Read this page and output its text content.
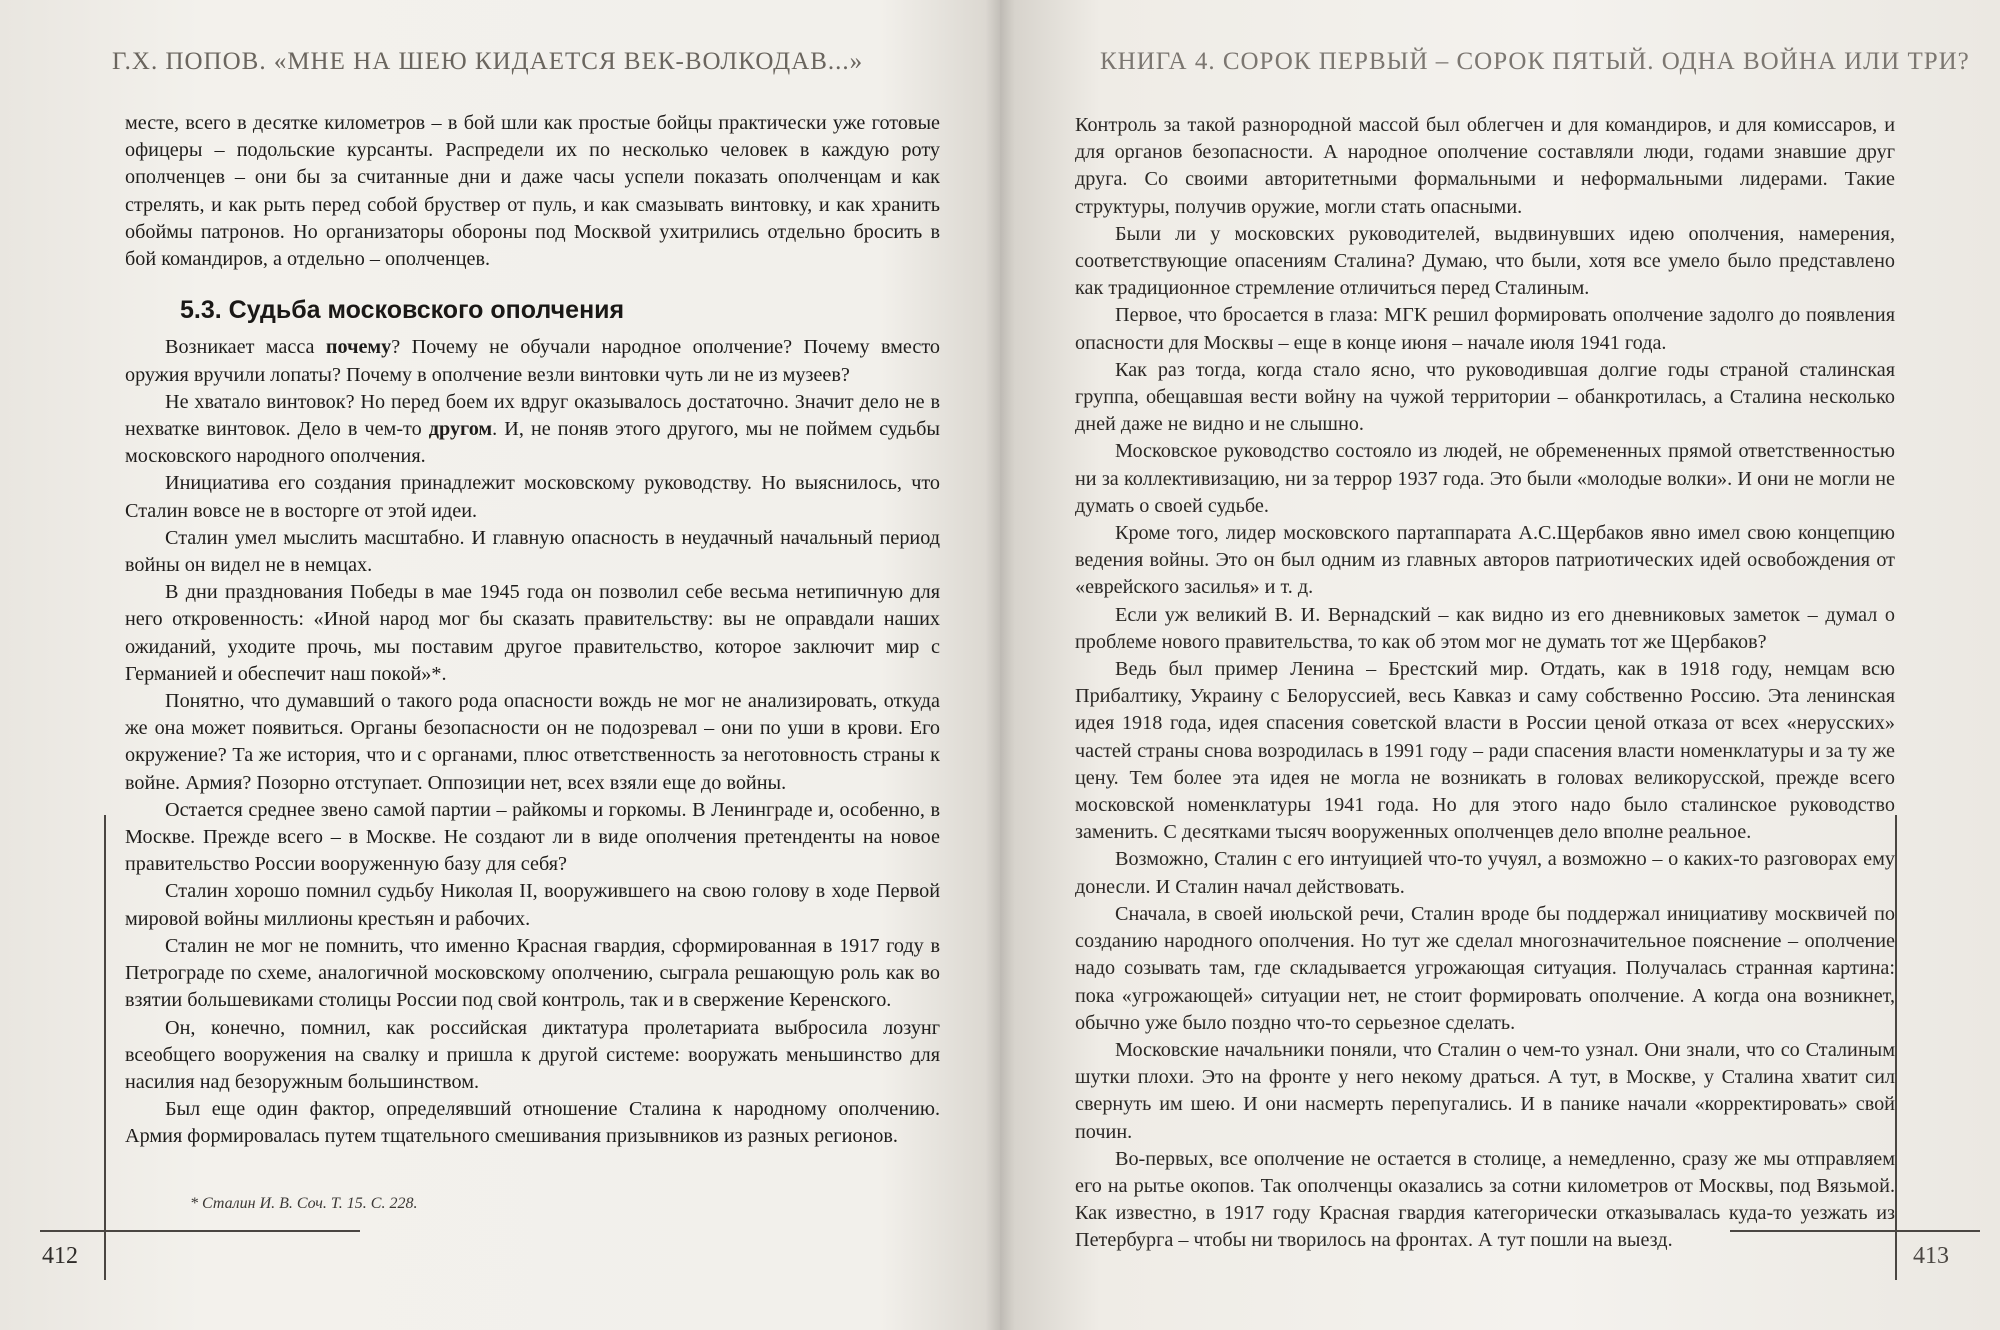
Г.Х. ПОПОВ. «МНЕ НА ШЕЮ КИДАЕТСЯ ВЕК-ВОЛКОДАВ...»

месте, всего в десятке километров – в бой шли как простые бойцы практически уже готовые офицеры – подольские курсанты. Распредели их по несколько человек в каждую роту ополченцев – они бы за считанные дни и даже часы успели показать ополченцам и как стрелять, и как рыть перед собой бруствер от пуль, и как смазывать винтовку, и как хранить обоймы патронов. Но организаторы обороны под Москвой ухитрились отдельно бросить в бой командиров, а отдельно – ополченцев.

5.3. Судьба московского ополчения

Возникает масса почему? Почему не обучали народное ополчение? Почему вместо оружия вручили лопаты? Почему в ополчение везли винтовки чуть ли не из музеев?

Не хватало винтовок? Но перед боем их вдруг оказывалось достаточно. Значит дело не в нехватке винтовок. Дело в чем-то другом. И, не поняв этого другого, мы не поймем судьбы московского народного ополчения.

Инициатива его создания принадлежит московскому руководству. Но выяснилось, что Сталин вовсе не в восторге от этой идеи.

Сталин умел мыслить масштабно. И главную опасность в неудачный начальный период войны он видел не в немцах.

В дни празднования Победы в мае 1945 года он позволил себе весьма нетипичную для него откровенность: «Иной народ мог бы сказать правительству: вы не оправдали наших ожиданий, уходите прочь, мы поставим другое правительство, которое заключит мир с Германией и обеспечит наш покой»*.

Понятно, что думавший о такого рода опасности вождь не мог не анализировать, откуда же она может появиться. Органы безопасности он не подозревал – они по уши в крови. Его окружение? Та же история, что и с органами, плюс ответственность за неготовность страны к войне. Армия? Позорно отступает. Оппозиции нет, всех взяли еще до войны.

Остается среднее звено самой партии – райкомы и горкомы. В Ленинграде и, особенно, в Москве. Прежде всего – в Москве. Не создают ли в виде ополчения претенденты на новое правительство России вооруженную базу для себя?

Сталин хорошо помнил судьбу Николая II, вооружившего на свою голову в ходе Первой мировой войны миллионы крестьян и рабочих.

Сталин не мог не помнить, что именно Красная гвардия, сформированная в 1917 году в Петрограде по схеме, аналогичной московскому ополчению, сыграла решающую роль как во взятии большевиками столицы России под свой контроль, так и в свержение Керенского.

Он, конечно, помнил, как российская диктатура пролетариата выбросила лозунг всеобщего вооружения на свалку и пришла к другой системе: вооружать меньшинство для насилия над безоружным большинством.

Был еще один фактор, определявший отношение Сталина к народному ополчению. Армия формировалась путем тщательного смешивания призывников из разных регионов.

* Сталин И. В. Соч. Т. 15. С. 228.
412
КНИГА 4. СОРОК ПЕРВЫЙ – СОРОК ПЯТЫЙ. ОДНА ВОЙНА ИЛИ ТРИ?

Контроль за такой разнородной массой был облегчен и для командиров, и для комиссаров, и для органов безопасности. А народное ополчение составляли люди, годами знавшие друг друга. Со своими авторитетными формальными и неформальными лидерами. Такие структуры, получив оружие, могли стать опасными.

Были ли у московских руководителей, выдвинувших идею ополчения, намерения, соответствующие опасениям Сталина? Думаю, что были, хотя все умело было представлено как традиционное стремление отличиться перед Сталиным.

Первое, что бросается в глаза: МГК решил формировать ополчение задолго до появления опасности для Москвы – еще в конце июня – начале июля 1941 года.

Как раз тогда, когда стало ясно, что руководившая долгие годы страной сталинская группа, обещавшая вести войну на чужой территории – обанкротилась, а Сталина несколько дней даже не видно и не слышно.

Московское руководство состояло из людей, не обремененных прямой ответственностью ни за коллективизацию, ни за террор 1937 года. Это были «молодые волки». И они не могли не думать о своей судьбе.

Кроме того, лидер московского партаппарата А.С.Щербаков явно имел свою концепцию ведения войны. Это он был одним из главных авторов патриотических идей освобождения от «еврейского засилья» и т. д.

Если уж великий В. И. Вернадский – как видно из его дневниковых заметок – думал о проблеме нового правительства, то как об этом мог не думать тот же Щербаков?

Ведь был пример Ленина – Брестский мир. Отдать, как в 1918 году, немцам всю Прибалтику, Украину с Белоруссией, весь Кавказ и саму собственно Россию. Эта ленинская идея 1918 года, идея спасения советской власти в России ценой отказа от всех «нерусских» частей страны снова возродилась в 1991 году – ради спасения власти номенклатуры и за ту же цену. Тем более эта идея не могла не возникать в головах великорусской, прежде всего московской номенклатуры 1941 года. Но для этого надо было сталинское руководство заменить. С десятками тысяч вооруженных ополченцев дело вполне реальное.

Возможно, Сталин с его интуицией что-то учуял, а возможно – о каких-то разговорах ему донесли. И Сталин начал действовать.

Сначала, в своей июльской речи, Сталин вроде бы поддержал инициативу москвичей по созданию народного ополчения. Но тут же сделал многозначительное пояснение – ополчение надо созывать там, где складывается угрожающая ситуация. Получалась странная картина: пока «угрожающей» ситуации нет, не стоит формировать ополчение. А когда она возникнет, обычно уже было поздно что-то серьезное сделать.

Московские начальники поняли, что Сталин о чем-то узнал. Они знали, что со Сталиным шутки плохи. Это на фронте у него некому драться. А тут, в Москве, у Сталина хватит сил свернуть им шею. И они насмерть перепугались. И в панике начали «корректировать» свой почин.

Во-первых, все ополчение не остается в столице, а немедленно, сразу же мы отправляем его на рытье окопов. Так ополченцы оказались за сотни километров от Москвы, под Вязьмой. Как известно, в 1917 году Красная гвардия категорически отказывалась куда-то уезжать из Петербурга – чтобы ни творилось на фронтах. А тут пошли на выезд.

413
